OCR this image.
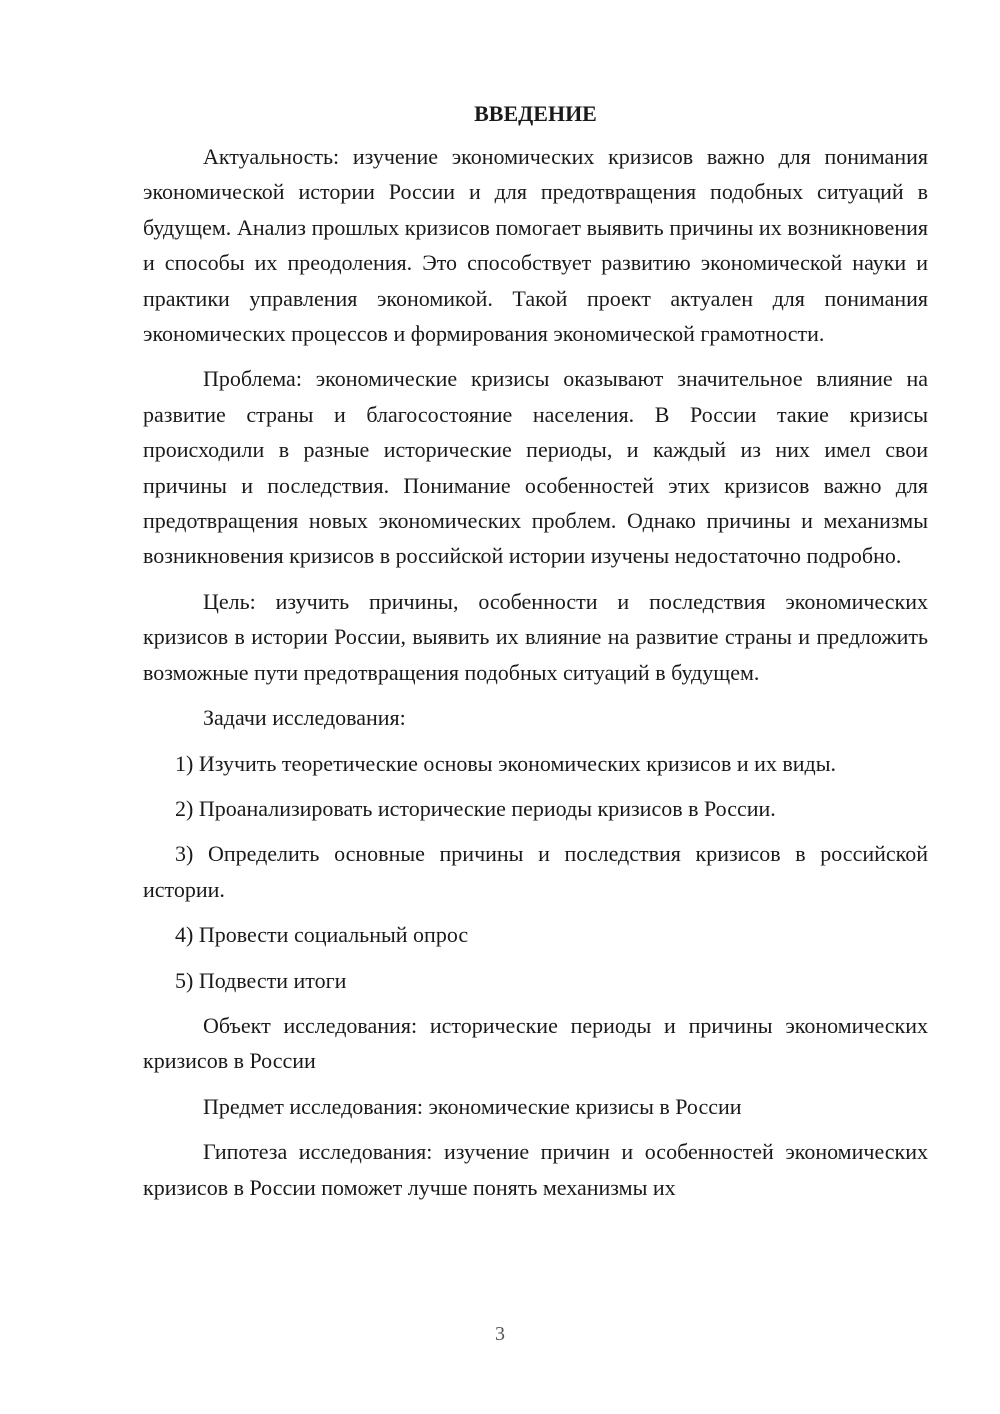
ВВЕДЕНИЕ

Актуальность: изучение экономических кризисов важно для понимания экономической истории России и для предотвращения подобных ситуаций в будущем. Анализ прошлых кризисов помогает выявить причины их возникновения и способы их преодоления. Это способствует развитию экономической науки и практики управления экономикой. Такой проект актуален для понимания экономических процессов и формирования экономической грамотности.

Проблема: экономические кризисы оказывают значительное влияние на развитие страны и благосостояние населения. В России такие кризисы происходили в разные исторические периоды, и каждый из них имел свои причины и последствия. Понимание особенностей этих кризисов важно для предотвращения новых экономических проблем. Однако причины и механизмы возникновения кризисов в российской истории изучены недостаточно подробно.

Цель: изучить причины, особенности и последствия экономических кризисов в истории России, выявить их влияние на развитие страны и предложить возможные пути предотвращения подобных ситуаций в будущем.

Задачи исследования:

1) Изучить теоретические основы экономических кризисов и их виды.

2) Проанализировать исторические периоды кризисов в России.

3) Определить основные причины и последствия кризисов в российской истории.

4) Провести социальный опрос

5) Подвести итоги

Объект исследования: исторические периоды и причины экономических кризисов в России

Предмет исследования: экономические кризисы в России

Гипотеза исследования: изучение причин и особенностей экономических кризисов в России поможет лучше понять механизмы их

3
